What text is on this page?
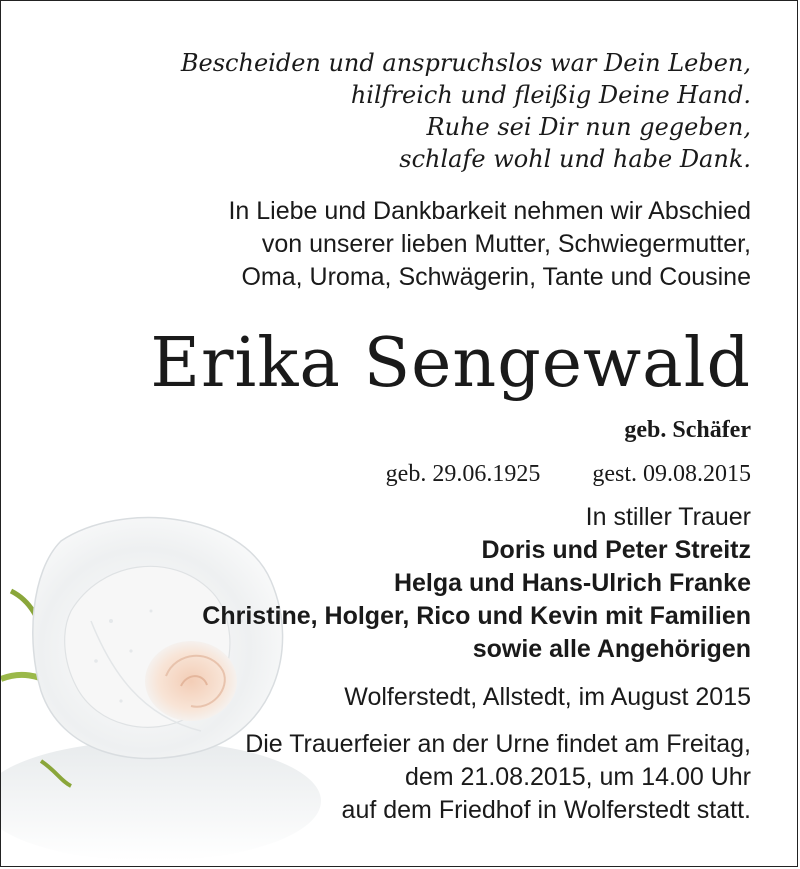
Bescheiden und anspruchslos war Dein Leben,
hilfreich und fleißig Deine Hand.
Ruhe sei Dir nun gegeben,
schlafe wohl und habe Dank.
In Liebe und Dankbarkeit nehmen wir Abschied
von unserer lieben Mutter, Schwiegermutter,
Oma, Uroma, Schwägerin, Tante und Cousine
Erika Sengewald
geb. Schäfer
geb. 29.06.1925 gest. 09.08.2015
In stiller Trauer
Doris und Peter Streitz
Helga und Hans-Ulrich Franke
Christine, Holger, Rico und Kevin mit Familien
sowie alle Angehörigen
Wolferstedt, Allstedt, im August 2015
Die Trauerfeier an der Urne findet am Freitag,
dem 21.08.2015, um 14.00 Uhr
auf dem Friedhof in Wolferstedt statt.
